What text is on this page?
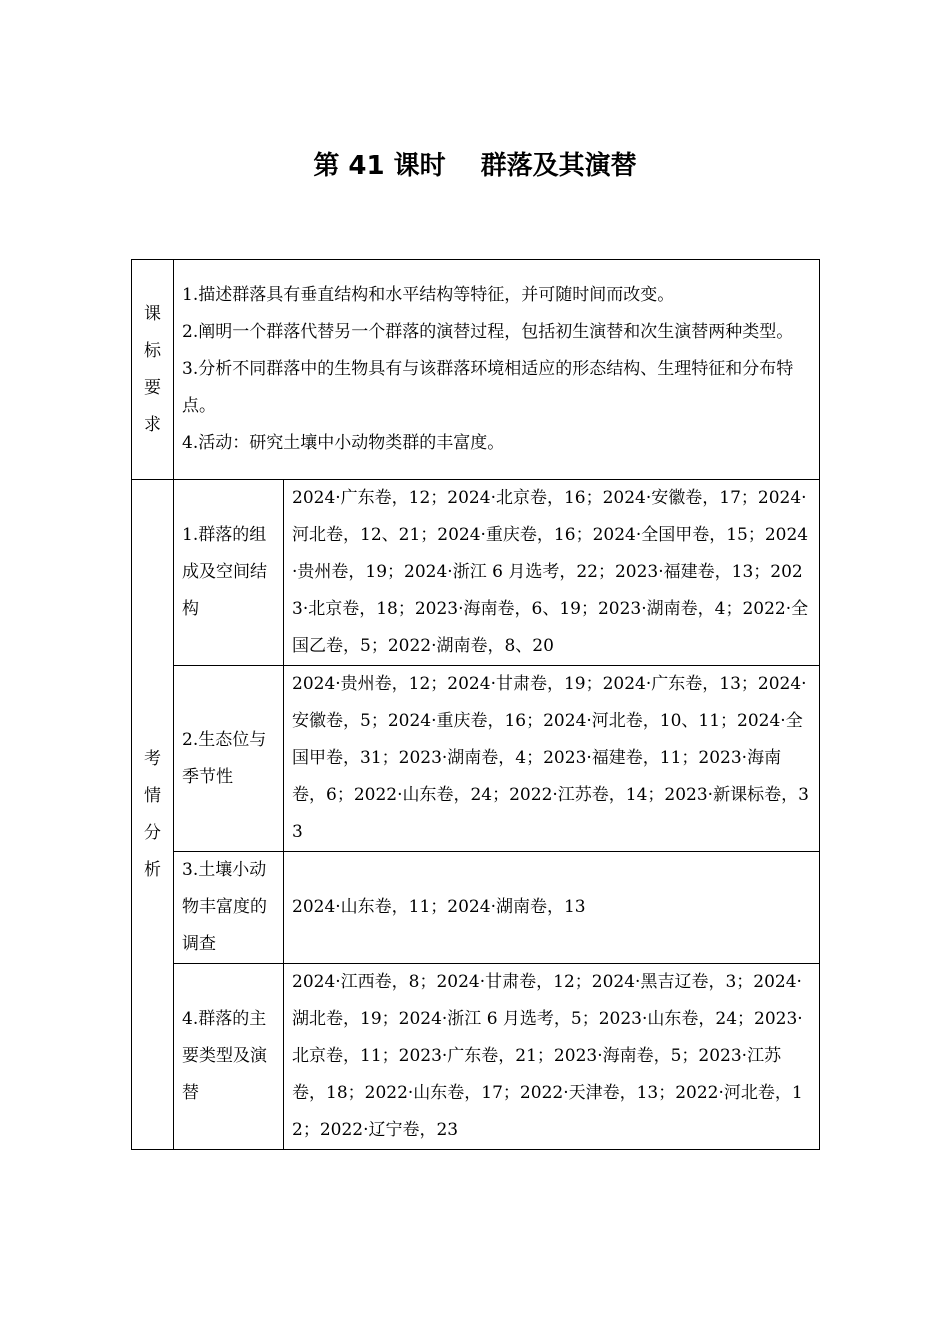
第 41 课时　 群落及其演替
课标要求	1.描述群落具有垂直结构和水平结构等特征，并可随时间而改变。
2.阐明一个群落代替另一个群落的演替过程，包括初生演替和次生演替两种类型。
3.分析不同群落中的生物具有与该群落环境相适应的形态结构、生理特征和分布特点。
4.活动：研究土壤中小动物类群的丰富度。	

考情分析	1.群落的组成及空间结构	2024·广东卷，12；2024·北京卷，16；2024·安徽卷，17；2024·河北卷，12、21；2024·重庆卷，16；2024·全国甲卷，15；2024·贵州卷，19；2024·浙江 6 月选考，22；2023·福建卷，13；2023·北京卷，18；2023·海南卷，6、19；2023·湖南卷，4；2022·全国乙卷，5；2022·湖南卷，8、20
	2.生态位与季节性	2024·贵州卷，12；2024·甘肃卷，19；2024·广东卷，13；2024·安徽卷，5；2024·重庆卷，16；2024·河北卷，10、11；2024·全国甲卷，31；2023·湖南卷，4；2023·福建卷，11；2023·海南卷，6；2022·山东卷，24；2022·江苏卷，14；2023·新课标卷，33
	3.土壤小动物丰富度的调查	2024·山东卷，11；2024·湖南卷，13
	4.群落的主要类型及演替	2024·江西卷，8；2024·甘肃卷，12；2024·黑吉辽卷，3；2024·湖北卷，19；2024·浙江 6 月选考，5；2023·山东卷，24；2023·北京卷，11；2023·广东卷，21；2023·海南卷，5；2023·江苏卷，18；2022·山东卷，17；2022·天津卷，13；2022·河北卷，12；2022·辽宁卷，23
